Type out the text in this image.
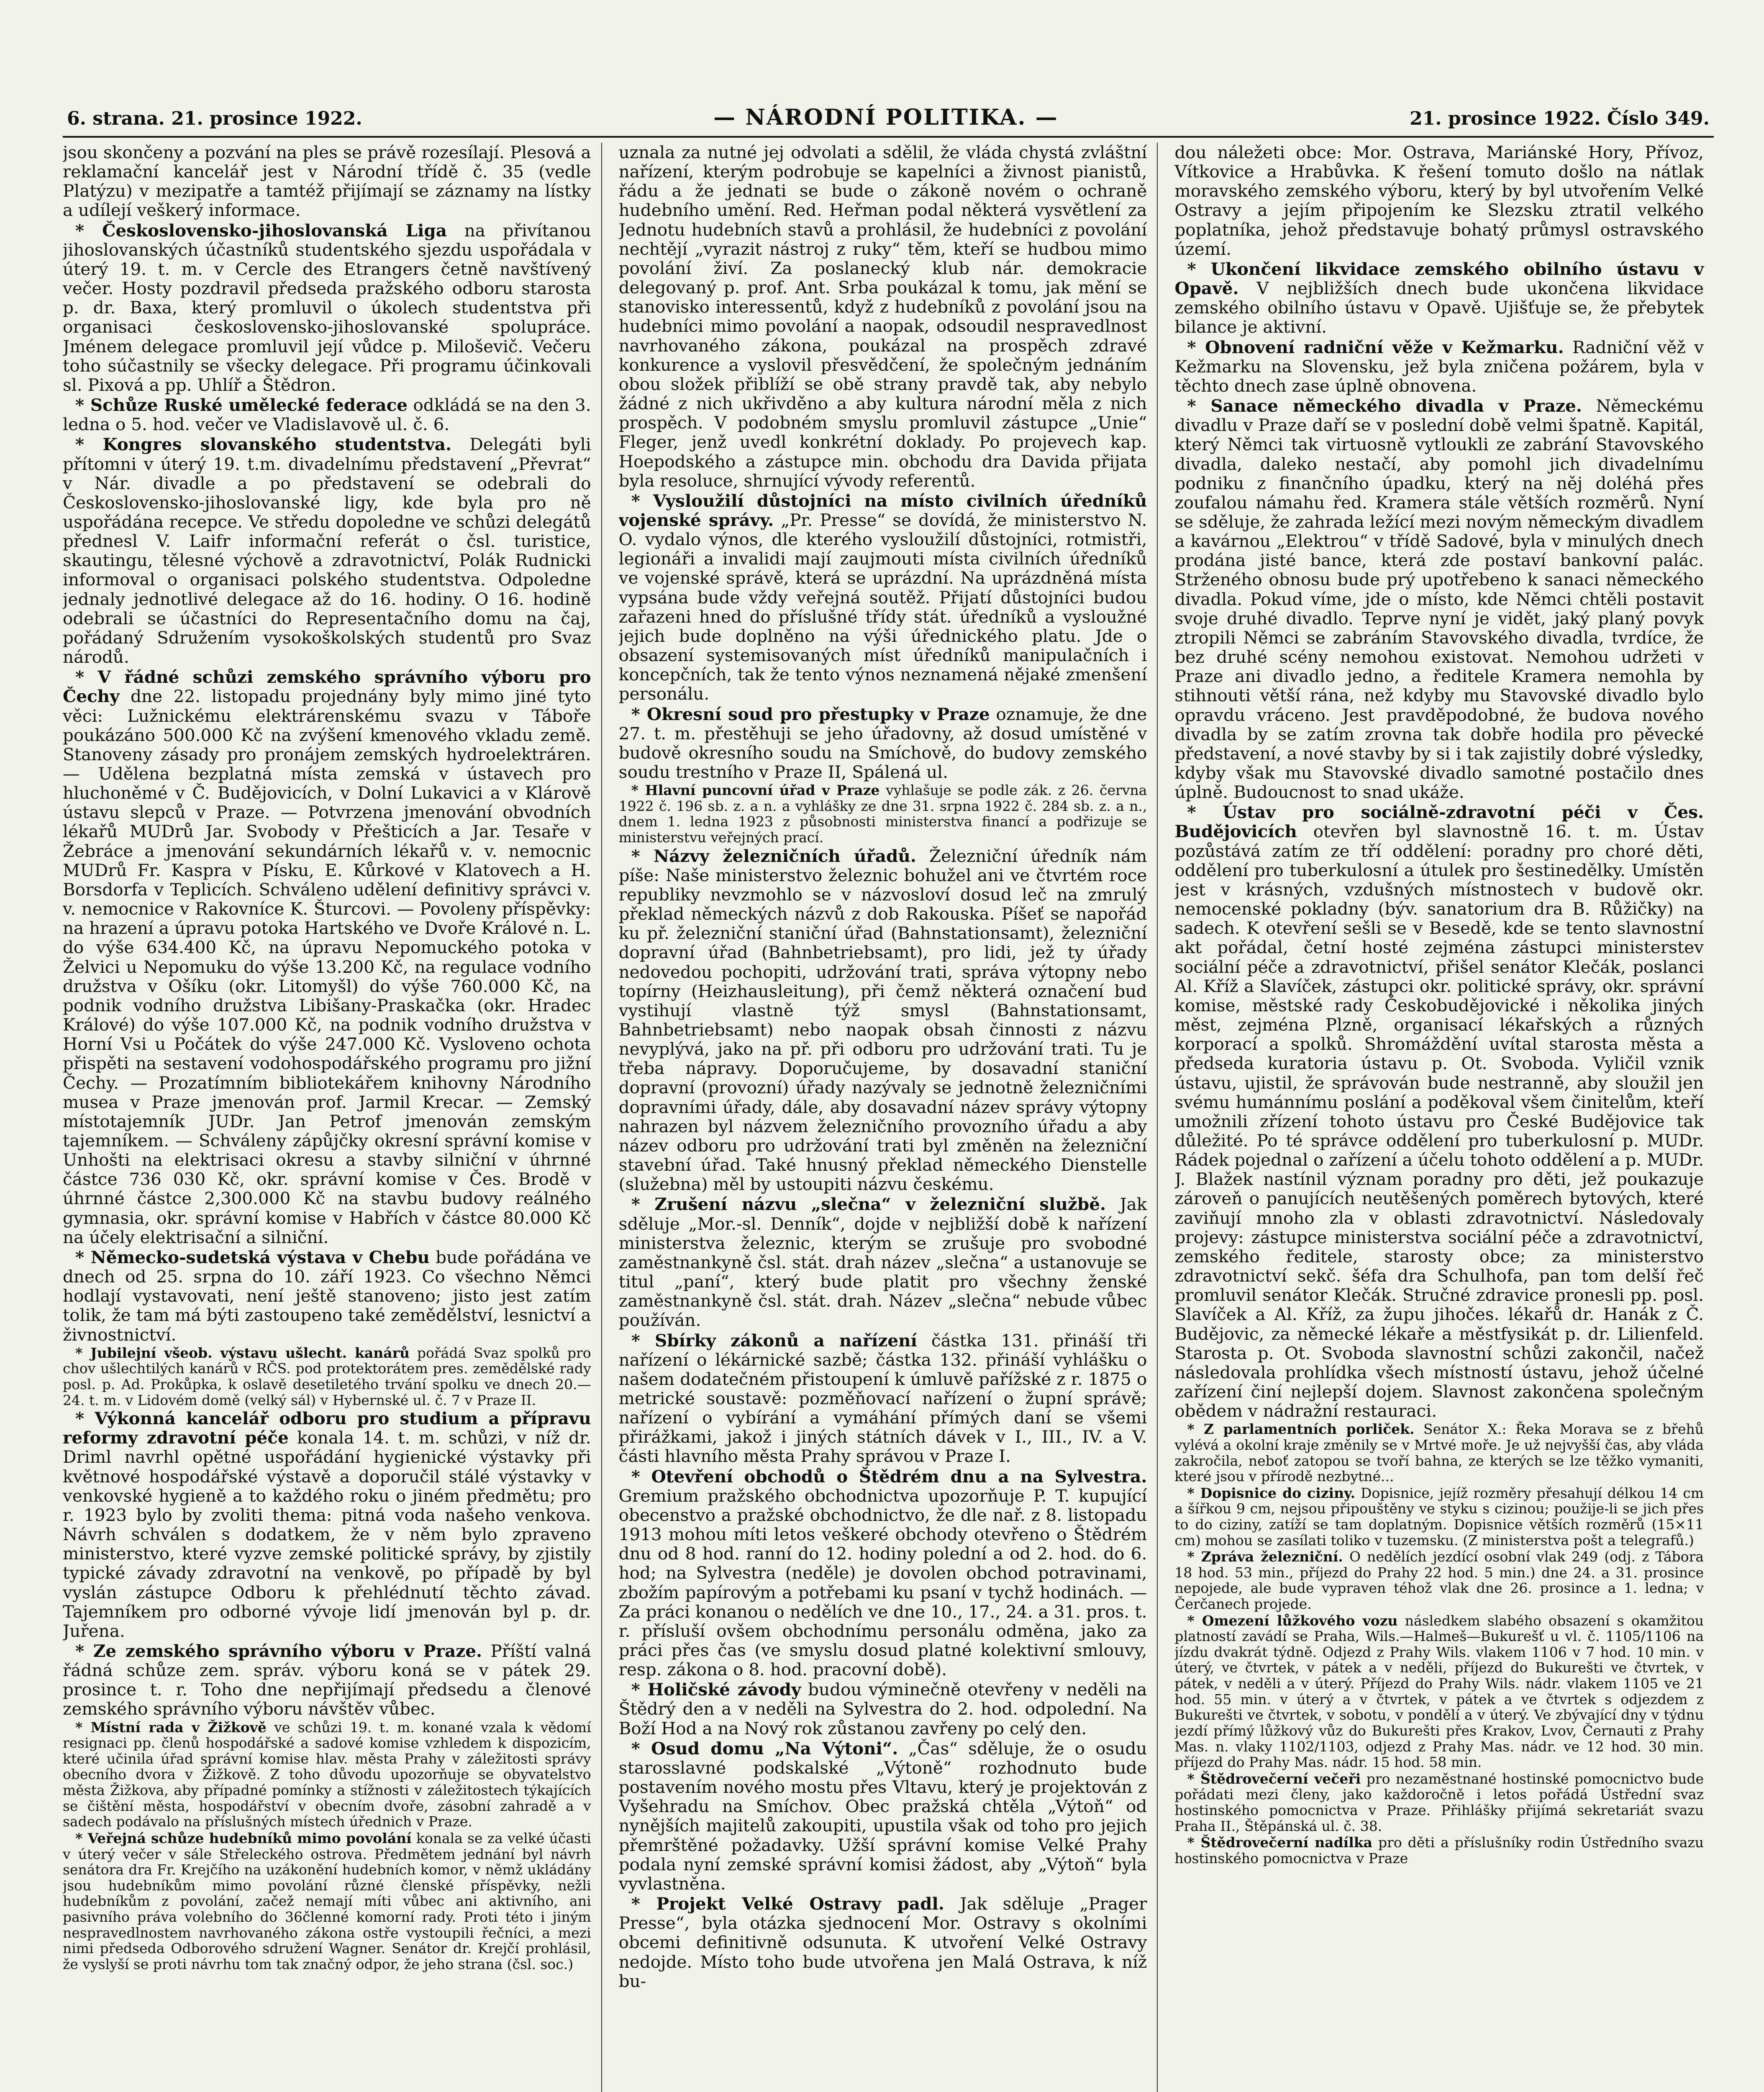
6. strana. 21. prosince 1922.	— NÁRODNÍ POLITIKA. —	21. prosince 1922. Číslo 349.

jsou skončeny a pozvání na ples se právě rozesílají. Plesová a reklamační kancelář jest v Národní třídě č. 35 (vedle Platýzu) v mezipatře a tamtéž přijímají se záznamy na lístky a udílejí veškerý informace.

* Československo-jihoslovanská Liga na přivítanou jihoslovanských účastníků studentského sjezdu uspořádala v úterý 19. t. m. v Cercle des Etrangers četně navštívený večer. Hosty pozdravil předseda pražského odboru starosta p. dr. Baxa, který promluvil o úkolech studentstva při organisaci československo-jihoslovanské spolupráce. Jménem delegace promluvil její vůdce p. Miloševič. Večeru toho súčastnily se všecky delegace. Při programu účinkovali sl. Pixová a pp. Uhlíř a Štědron.

* Schůze Ruské umělecké federace odkládá se na den 3. ledna o 5. hod. večer ve Vladislavově ul. č. 6.

* Kongres slovanského studentstva. Delegáti byli přítomni v úterý 19. t.m. divadelnímu představení „Převrat“ v Nár. divadle a po představení se odebrali do Československo-jihoslovanské ligy, kde byla pro ně uspořádána recepce. Ve středu dopoledne ve schůzi delegátů přednesl V. Laifr informační referát o čsl. turistice, skautingu, tělesné výchově a zdravotnictví, Polák Rudnicki informoval o organisaci polského studentstva. Odpoledne jednaly jednotlivé delegace až do 16. hodiny. O 16. hodině odebrali se účastníci do Representačního domu na čaj, pořádaný Sdružením vysokoškolských studentů pro Svaz národů.

* V řádné schůzi zemského správního výboru pro Čechy dne 22. listopadu projednány byly mimo jiné tyto věci: Lužnickému elektrárenskému svazu v Táboře poukázáno 500.000 Kč na zvýšení kmenového vkladu země. Stanoveny zásady pro pronájem zemských hydroelektráren. — Udělena bezplatná místa zemská v ústavech pro hluchoněmé v Č. Budějovicích, v Dolní Lukavici a v Klárově ústavu slepců v Praze. — Potvrzena jmenování obvodních lékařů MUDrů Jar. Svobody v Přešticích a Jar. Tesaře v Žebráce a jmenování sekundárních lékařů v. v. nemocnic MUDrů Fr. Kaspra v Písku, E. Kůrkové v Klatovech a H. Borsdorfa v Teplicích. Schváleno udělení definitivy správci v. v. nemocnice v Rakovníce K. Šturcovi. — Povoleny příspěvky: na hrazení a úpravu potoka Hartského ve Dvoře Králové n. L. do výše 634.400 Kč, na úpravu Nepomuckého potoka v Želvici u Nepomuku do výše 13.200 Kč, na regulace vodního družstva v Ošíku (okr. Litomyšl) do výše 760.000 Kč, na podnik vodního družstva Libišany-Praskačka (okr. Hradec Králové) do výše 107.000 Kč, na podnik vodního družstva v Horní Vsi u Počátek do výše 247.000 Kč. Vysloveno ochota přispěti na sestavení vodohospodářského programu pro jižní Čechy. — Prozatímním bibliotekářem knihovny Národního musea v Praze jmenován prof. Jarmil Krecar. — Zemský místotajemník JUDr. Jan Petrof jmenován zemským tajemníkem. — Schváleny zápůjčky okresní správní komise v Unhošti na elektrisaci okresu a stavby silniční v úhrnné částce 736 030 Kč, okr. správní komise v Čes. Brodě v úhrnné částce 2,300.000 Kč na stavbu budovy reálného gymnasia, okr. správní komise v Habřích v částce 80.000 Kč na účely elektrisační a silniční.

* Německo-sudetská výstava v Chebu bude pořádána ve dnech od 25. srpna do 10. září 1923. Co všechno Němci hodlají vystavovati, není ještě stanoveno; jisto jest zatím tolik, že tam má býti zastoupeno také zemědělství, lesnictví a živnostnictví.

* Jubilejní všeob. výstavu ušlecht. kanárů pořádá Svaz spolků pro chov ušlechtilých kanárů v RČS. pod protektorátem pres. zemědělské rady posl. p. Ad. Prokůpka, k oslavě desetiletého trvání spolku ve dnech 20.—24. t. m. v Lidovém domě (velký sál) v Hybernské ul. č. 7 v Praze II.

* Výkonná kancelář odboru pro studium a přípravu reformy zdravotní péče konala 14. t. m. schůzi, v níž dr. Driml navrhl opětné uspořádání hygienické výstavky při květnové hospodářské výstavě a doporučil stálé výstavky v venkovské hygieně a to každého roku o jiném předmětu; pro r. 1923 bylo by zvoliti thema: pitná voda našeho venkova. Návrh schválen s dodatkem, že v něm bylo zpraveno ministerstvo, které vyzve zemské politické správy, by zjistily typické závady zdravotní na venkově, po případě by byl vyslán zástupce Odboru k přehlédnutí těchto závad. Tajemníkem pro odborné vývoje lidí jmenován byl p. dr. Juřena.

* Ze zemského správního výboru v Praze. Příští valná řádná schůze zem. správ. výboru koná se v pátek 29. prosince t. r. Toho dne nepřijímají předsedu a členové zemského správního výboru návštěv vůbec.

* Místní rada v Žižkově ve schůzi 19. t. m. konané vzala k vědomí resignaci pp. členů hospodářské a sadové komise vzhledem k dispozicím, které učinila úřad správní komise hlav. města Prahy v záležitosti správy obecního dvora v Žižkově. Z toho důvodu upozorňuje se obyvatelstvo města Žižkova, aby případné pomínky a stížnosti v záležitostech týkajících se čištění města, hospodářství v obecním dvoře, zásobní zahradě a v sadech podávalo na příslušných místech úřednich v Praze.

* Veřejná schůze hudebníků mimo povolání konala se za velké účasti v úterý večer v sále Střeleckého ostrova. Předmětem jednání byl návrh senátora dra Fr. Krejčího na uzákonění hudebních komor, v němž ukládány jsou hudebníkům mimo povolání různé členské příspěvky, nežli hudebníkům z povolání, začež nemají míti vůbec ani aktivního, ani pasivního práva volebního do 36členné komorní rady. Proti této i jiným nespravedlnostem navrhovaného zákona ostře vystoupili řečníci, a mezi nimi předseda Odborového sdružení Wagner. Senátor dr. Krejčí prohlásil, že vyslyší se proti návrhu tom tak značný odpor, že jeho strana (čsl. soc.)

uznala za nutné jej odvolati a sdělil, že vláda chystá zvláštní nařízení, kterým podrobuje se kapelníci a živnost pianistů, řádu a že jednati se bude o zákoně novém o ochraně hudebního umění. Red. Heřman podal některá vysvětlení za Jednotu hudebních stavů a prohlásil, že hudebníci z povolání nechtějí „vyrazit nástroj z ruky“ těm, kteří se hudbou mimo povolání živí. Za poslanecký klub nár. demokracie delegovaný p. prof. Ant. Srba poukázal k tomu, jak mění se stanovisko interessentů, když z hudebníků z povolání jsou na hudebníci mimo povolání a naopak, odsoudil nespravedlnost navrhovaného zákona, poukázal na prospěch zdravé konkurence a vyslovil přesvědčení, že společným jednáním obou složek přiblíží se obě strany pravdě tak, aby nebylo žádné z nich ukřivděno a aby kultura národní měla z nich prospěch. V podobném smyslu promluvil zástupce „Unie“ Fleger, jenž uvedl konkrétní doklady. Po projevech kap. Hoepodského a zástupce min. obchodu dra Davida přijata byla resoluce, shrnující vývody referentů.

* Vysloužilí důstojníci na místo civilních úředníků vojenské správy. „Pr. Presse“ se dovídá, že ministerstvo N. O. vydalo výnos, dle kterého vysloužilí důstojníci, rotmistři, legionáři a invalidi mají zaujmouti místa civilních úředníků ve vojenské správě, která se uprázdní. Na uprázdněná místa vypsána bude vždy veřejná soutěž. Přijatí důstojníci budou zařazeni hned do příslušné třídy stát. úředníků a vysloužné jejich bude doplněno na výši úřednického platu. Jde o obsazení systemisovaných míst úředníků manipulačních i koncepčních, tak že tento výnos neznamená nějaké zmenšení personálu.

* Okresní soud pro přestupky v Praze oznamuje, že dne 27. t. m. přestěhuji se jeho úřadovny, až dosud umístěné v budově okresního soudu na Smíchově, do budovy zemského soudu trestního v Praze II, Spálená ul.

* Hlavní puncovní úřad v Praze vyhlašuje se podle zák. z 26. června 1922 č. 196 sb. z. a n. a vyhlášky ze dne 31. srpna 1922 č. 284 sb. z. a n., dnem 1. ledna 1923 z působnosti ministerstva financí a podřizuje se ministerstvu veřejných prací.

* Názvy železničních úřadů. Železniční úředník nám píše: Naše ministerstvo železnic bohužel ani ve čtvrtém roce republiky nevzmohlo se v názvosloví dosud leč na zmrulý překlad německých názvů z dob Rakouska. Píšeť se napořád ku př. železniční staniční úřad (Bahnstationsamt), železniční dopravní úřad (Bahnbetriebsamt), pro lidi, jež ty úřady nedovedou pochopiti, udržování trati, správa výtopny nebo topírny (Heizhausleitung), při čemž některá označení bud vystihují vlastně týž smysl (Bahnstationsamt, Bahnbetriebsamt) nebo naopak obsah činnosti z názvu nevyplývá, jako na př. při odboru pro udržování trati. Tu je třeba nápravy. Doporučujeme, by dosavadní staniční dopravní (provozní) úřady nazývaly se jednotně železničními dopravními úřady, dále, aby dosavadní název správy výtopny nahrazen byl názvem železničního provozního úřadu a aby název odboru pro udržování trati byl změněn na železniční stavební úřad. Také hnusný překlad německého Dienstelle (služebna) měl by ustoupiti názvu českému.

* Zrušení názvu „slečna“ v železniční službě. Jak sděluje „Mor.-sl. Denník“, dojde v nejbližší době k nařízení ministerstva železnic, kterým se zrušuje pro svobodné zaměstnankyně čsl. stát. drah název „slečna“ a ustanovuje se titul „paní“, který bude platit pro všechny ženské zaměstnankyně čsl. stát. drah. Název „slečna“ nebude vůbec používán.

* Sbírky zákonů a nařízení částka 131. přináší tři nařízení o lékárnické sazbě; částka 132. přináší vyhlášku o našem dodatečném přistoupení k úmluvě pařížské z r. 1875 o metrické soustavě: pozměňovací nařízení o župní správě; nařízení o vybírání a vymáhání přímých daní se všemi přirážkami, jakož i jiných státních dávek v I., III., IV. a V. části hlavního města Prahy správou v Praze I.

* Otevření obchodů o Štědrém dnu a na Sylvestra. Gremium pražského obchodnictva upozorňuje P. T. kupující obecenstvo a pražské obchodnictvo, že dle nař. z 8. listopadu 1913 mohou míti letos veškeré obchody otevřeno o Štědrém dnu od 8 hod. ranní do 12. hodiny polední a od 2. hod. do 6. hod; na Sylvestra (neděle) je dovolen obchod potravinami, zbožím papírovým a potřebami ku psaní v tychž hodinách. — Za práci konanou o nedělích ve dne 10., 17., 24. a 31. pros. t. r. přísluší ovšem obchodnímu personálu odměna, jako za práci přes čas (ve smyslu dosud platné kolektivní smlouvy, resp. zákona o 8. hod. pracovní době).

* Holičské závody budou výminečně otevřeny v neděli na Štědrý den a v neděli na Sylvestra do 2. hod. odpolední. Na Boží Hod a na Nový rok zůstanou zavřeny po celý den.

* Osud domu „Na Výtoni“. „Čas“ sděluje, že o osudu starosslavné podskalské „Výtoně“ rozhodnuto bude postavením nového mostu přes Vltavu, který je projektován z Vyšehradu na Smíchov. Obec pražská chtěla „Výtoň“ od nynějších majitelů zakoupiti, upustila však od toho pro jejich přemrštěné požadavky. Užší správní komise Velké Prahy podala nyní zemské správní komisi žádost, aby „Výtoň“ byla vyvlastněna.

* Projekt Velké Ostravy padl. Jak sděluje „Prager Presse“, byla otázka sjednocení Mor. Ostravy s okolními obcemi definitivně odsunuta. K utvoření Velké Ostravy nedojde. Místo toho bude utvořena jen Malá Ostrava, k níž bu-

dou náležeti obce: Mor. Ostrava, Mariánské Hory, Přívoz, Vítkovice a Hrabůvka. K řešení tomuto došlo na nátlak moravského zemského výboru, který by byl utvořením Velké Ostravy a jejím připojením ke Slezsku ztratil velkého poplatníka, jehož představuje bohatý průmysl ostravského území.

* Ukončení likvidace zemského obilního ústavu v Opavě. V nejbližších dnech bude ukončena likvidace zemského obilního ústavu v Opavě. Ujišťuje se, že přebytek bilance je aktivní.

* Obnovení radniční věže v Kežmarku. Radniční věž v Kežmarku na Slovensku, jež byla zničena požárem, byla v těchto dnech zase úplně obnovena.

* Sanace německého divadla v Praze. Německému divadlu v Praze daří se v poslední době velmi špatně. Kapitál, který Němci tak virtuosně vytloukli ze zabrání Stavovského divadla, daleko nestačí, aby pomohl jich divadelnímu podniku z finančního úpadku, který na něj doléhá přes zoufalou námahu řed. Kramera stále větších rozměrů. Nyní se sděluje, že zahrada ležící mezi novým německým divadlem a kavárnou „Elektrou“ v třídě Sadové, byla v minulých dnech prodána jisté bance, která zde postaví bankovní palác. Strženého obnosu bude prý upotřebeno k sanaci německého divadla. Pokud víme, jde o místo, kde Němci chtěli postavit svoje druhé divadlo. Teprve nyní je vidět, jaký planý povyk ztropili Němci se zabráním Stavovského divadla, tvrdíce, že bez druhé scény nemohou existovat. Nemohou udržeti v Praze ani divadlo jedno, a ředitele Kramera nemohla by stihnouti větší rána, než kdyby mu Stavovské divadlo bylo opravdu vráceno. Jest pravděpodobné, že budova nového divadla by se zatím zrovna tak dobře hodila pro pěvecké představení, a nové stavby by si i tak zajistily dobré výsledky, kdyby však mu Stavovské divadlo samotné postačilo dnes úplně. Budoucnost to snad ukáže.

* Ústav pro sociálně-zdravotní péči v Čes. Budějovicích otevřen byl slavnostně 16. t. m. Ústav pozůstává zatím ze tří oddělení: poradny pro choré děti, oddělení pro tuberkulosní a útulek pro šestinedělky. Umístěn jest v krásných, vzdušných místnostech v budově okr. nemocenské pokladny (býv. sanatorium dra B. Růžičky) na sadech. K otevření sešli se v Besedě, kde se tento slavnostní akt pořádal, četní hosté zejména zástupci ministerstev sociální péče a zdravotnictví, přišel senátor Klečák, poslanci Al. Kříž a Slavíček, zástupci okr. politické správy, okr. správní komise, městské rady Českobudějovické i několika jiných měst, zejména Plzně, organisací lékařských a různých korporací a spolků. Shromáždění uvítal starosta města a předseda kuratoria ústavu p. Ot. Svoboda. Vyličil vznik ústavu, ujistil, že správován bude nestranně, aby sloužil jen svému humánnímu poslání a poděkoval všem činitelům, kteří umožnili zřízení tohoto ústavu pro České Budějovice tak důležité. Po té správce oddělení pro tuberkulosní p. MUDr. Rádek pojednal o zařízení a účelu tohoto oddělení a p. MUDr. J. Blažek nastínil význam poradny pro děti, jež poukazuje zároveň o panujících neutěšených poměrech bytových, které zaviňují mnoho zla v oblasti zdravotnictví. Následovaly projevy: zástupce ministerstva sociální péče a zdravotnictví, zemského ředitele, starosty obce; za ministerstvo zdravotnictví sekč. šéfa dra Schulhofa, pan tom delší řeč promluvil senátor Klečák. Stručné zdravice pronesli pp. posl. Slavíček a Al. Kříž, za župu jihočes. lékařů dr. Hanák z Č. Budějovic, za německé lékaře a městfysikát p. dr. Lilienfeld. Starosta p. Ot. Svoboda slavnostní schůzi zakončil, načež následovala prohlídka všech místností ústavu, jehož účelné zařízení činí nejlepší dojem. Slavnost zakončena společným obědem v nádražní restauraci.

* Z parlamentních porliček. Senátor X.: Řeka Morava se z břehů vylévá a okolní kraje změnily se v Mrtvé moře. Je už nejvyšší čas, aby vláda zakročila, neboť zatopou se tvoří bahna, ze kterých se lze těžko vymaniti, které jsou v přírodě nezbytné...

* Dopisnice do ciziny. Dopisnice, jejíž rozměry přesahují délkou 14 cm a šířkou 9 cm, nejsou připouštěny ve styku s cizinou; použije-li se jich přes to do ciziny, zatíží se tam doplatným. Dopisnice větších rozměrů (15×11 cm) mohou se zasílati toliko v tuzemsku. (Z ministerstva pošt a telegrafů.)

* Zpráva železniční. O nedělích jezdící osobní vlak 249 (odj. z Tábora 18 hod. 53 min., příjezd do Prahy 22 hod. 5 min.) dne 24. a 31. prosince nepojede, ale bude vypraven téhož vlak dne 26. prosince a 1. ledna; v Čerčanech projede.

* Omezení lůžkového vozu následkem slabého obsazení s okamžitou platností zavádí se Praha, Wils.—Halmeš—Bukurešť u vl. č. 1105/1106 na jízdu dvakrát týdně. Odjezd z Prahy Wils. vlakem 1106 v 7 hod. 10 min. v úterý, ve čtvrtek, v pátek a v neděli, příjezd do Bukurešti ve čtvrtek, v pátek, v neděli a v úterý. Příjezd do Prahy Wils. nádr. vlakem 1105 ve 21 hod. 55 min. v úterý a v čtvrtek, v pátek a ve čtvrtek s odjezdem z Bukurešti ve čtvrtek, v sobotu, v pondělí a v úterý. Ve zbývající dny v týdnu jezdí přímý lůžkový vůz do Bukurešti přes Krakov, Lvov, Černauti z Prahy Mas. n. vlaky 1102/1103, odjezd z Prahy Mas. nádr. ve 12 hod. 30 min. příjezd do Prahy Mas. nádr. 15 hod. 58 min.

* Štědrovečerní večeři pro nezaměstnané hostinské pomocnictvo bude pořádati mezi členy, jako každoročně i letos pořádá Ústřední svaz hostinského pomocnictva v Praze. Přihlášky přijímá sekretariát svazu Praha II., Štěpánská ul. č. 38.

* Štědrovečerní nadílka pro děti a příslušníky rodin Ústředního svazu hostinského pomocnictva v Praze
